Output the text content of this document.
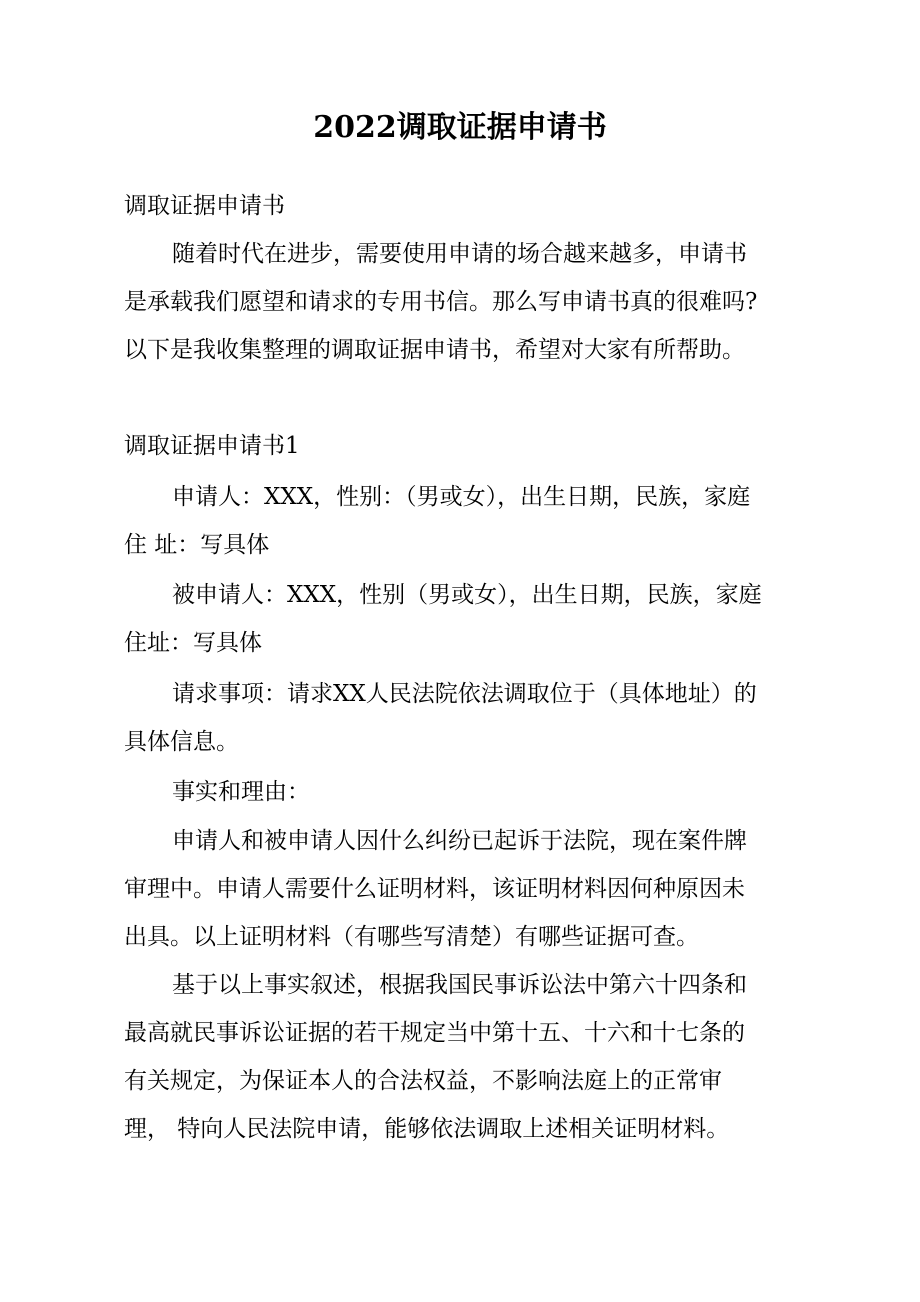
2022调取证据申请书

调取证据申请书

随着时代在进步，需要使用申请的场合越来越多，申请书

是承载我们愿望和请求的专用书信。那么写申请书真的很难吗?

以下是我收集整理的调取证据申请书，希望对大家有所帮助。

调取证据申请书1

申请人：XXX，性别：（男或女），出生日期，民族，家庭

住 址：写具体

被申请人：XXX，性别（男或女），出生日期，民族，家庭

住址：写具体

请求事项：请求XX人民法院依法调取位于（具体地址）的

具体信息。

事实和理由：

申请人和被申请人因什么纠纷已起诉于法院，现在案件牌

审理中。申请人需要什么证明材料，该证明材料因何种原因未

出具。以上证明材料（有哪些写清楚）有哪些证据可查。

基于以上事实叙述，根据我国民事诉讼法中第六十四条和

最高就民事诉讼证据的若干规定当中第十五、十六和十七条的

有关规定，为保证本人的合法权益，不影响法庭上的正常审

理， 特向人民法院申请，能够依法调取上述相关证明材料。
